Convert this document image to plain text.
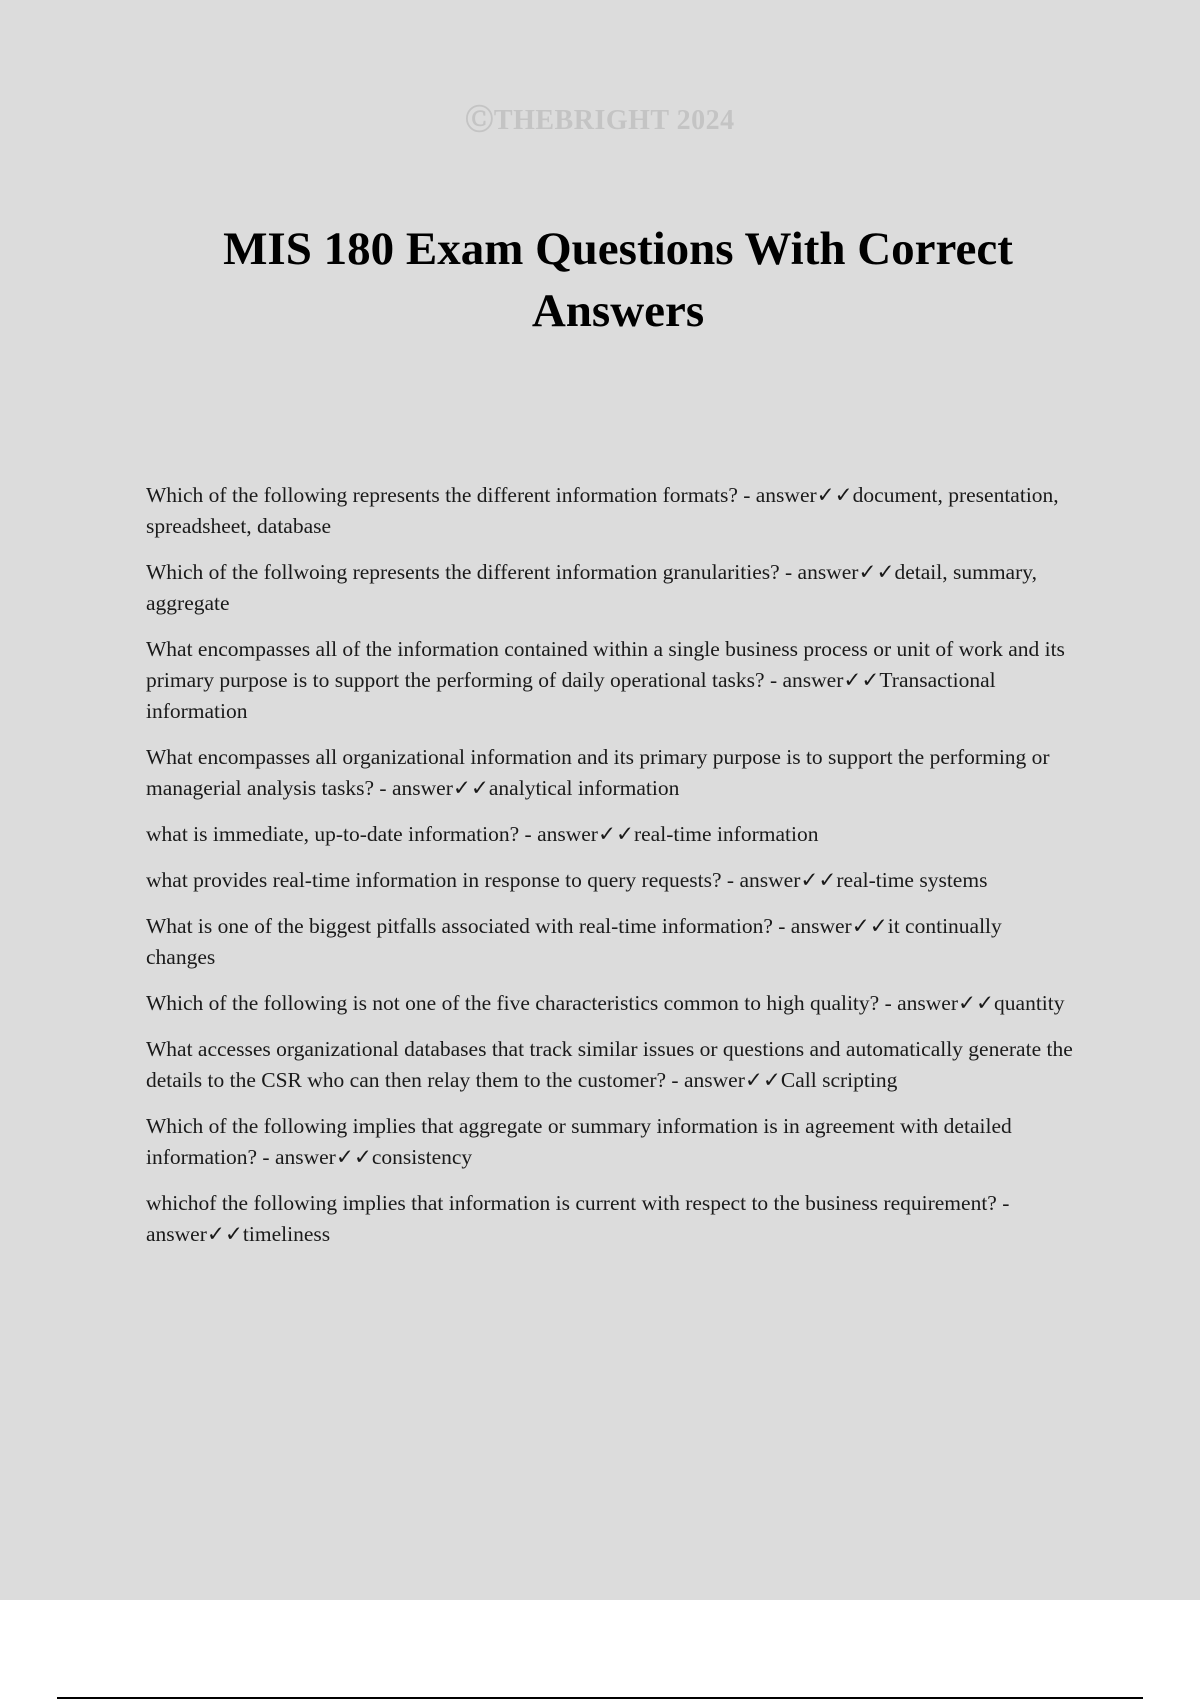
ⒸTHEBRIGHT 2024
MIS 180 Exam Questions With Correct Answers
Which of the following represents the different information formats? - answer✓✓document, presentation, spreadsheet, database
Which of the follwoing represents the different information granularities? - answer✓✓detail, summary, aggregate
What encompasses all of the information contained within a single business process or unit of work and its primary purpose is to support the performing of daily operational tasks? - answer✓✓Transactional information
What encompasses all organizational information and its primary purpose is to support the performing or managerial analysis tasks? - answer✓✓analytical information
what is immediate, up-to-date information? - answer✓✓real-time information
what provides real-time information in response to query requests? - answer✓✓real-time systems
What is one of the biggest pitfalls associated with real-time information? - answer✓✓it continually changes
Which of the following is not one of the five characteristics common to high quality? - answer✓✓quantity
What accesses organizational databases that track similar issues or questions and automatically generate the details to the CSR who can then relay them to the customer? - answer✓✓Call scripting
Which of the following implies that aggregate or summary information is in agreement with detailed information? - answer✓✓consistency
whichof the following implies that information is current with respect to the business requirement? - answer✓✓timeliness
